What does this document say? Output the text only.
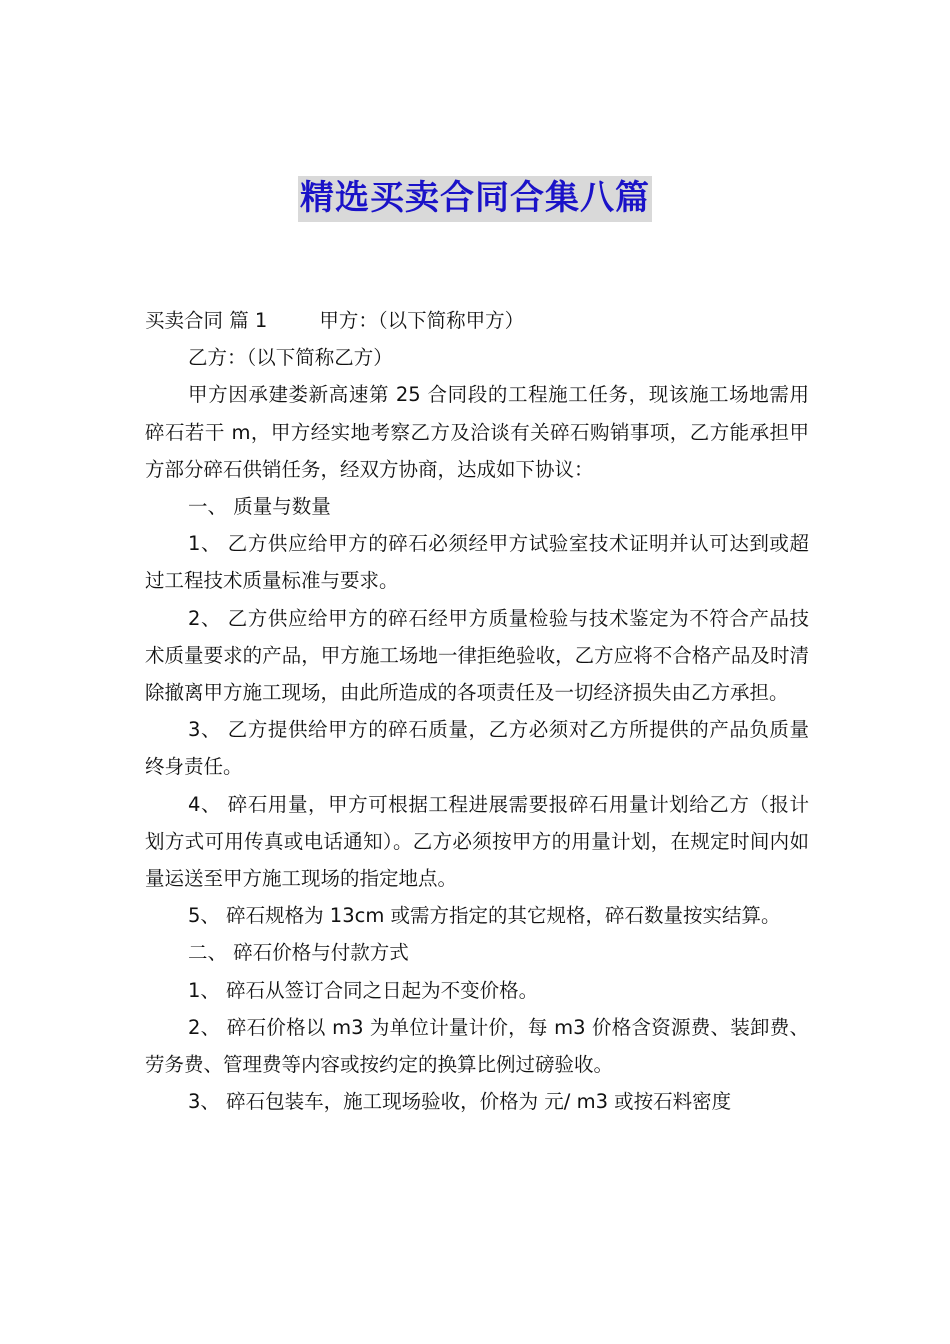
精选买卖合同合集八篇

买卖合同 篇 1	甲方：（以下简称甲方）

乙方：（以下简称乙方）

甲方因承建娄新高速第 25 合同段的工程施工任务，现该施工场地需用碎石若干 m，甲方经实地考察乙方及洽谈有关碎石购销事项，乙方能承担甲方部分碎石供销任务，经双方协商，达成如下协议：

一、 质量与数量

1、 乙方供应给甲方的碎石必须经甲方试验室技术证明并认可达到或超过工程技术质量标准与要求。

2、 乙方供应给甲方的碎石经甲方质量检验与技术鉴定为不符合产品技术质量要求的产品，甲方施工场地一律拒绝验收，乙方应将不合格产品及时清除撤离甲方施工现场，由此所造成的各项责任及一切经济损失由乙方承担。

3、 乙方提供给甲方的碎石质量，乙方必须对乙方所提供的产品负质量终身责任。

4、 碎石用量，甲方可根据工程进展需要报碎石用量计划给乙方（报计划方式可用传真或电话通知）。乙方必须按甲方的用量计划，在规定时间内如量运送至甲方施工现场的指定地点。

5、 碎石规格为 13cm 或需方指定的其它规格，碎石数量按实结算。

二、 碎石价格与付款方式

1、 碎石从签订合同之日起为不变价格。

2、 碎石价格以 m3 为单位计量计价，每 m3 价格含资源费、装卸费、劳务费、管理费等内容或按约定的换算比例过磅验收。

3、 碎石包装车，施工现场验收，价格为 元/ m3 或按石料密度
